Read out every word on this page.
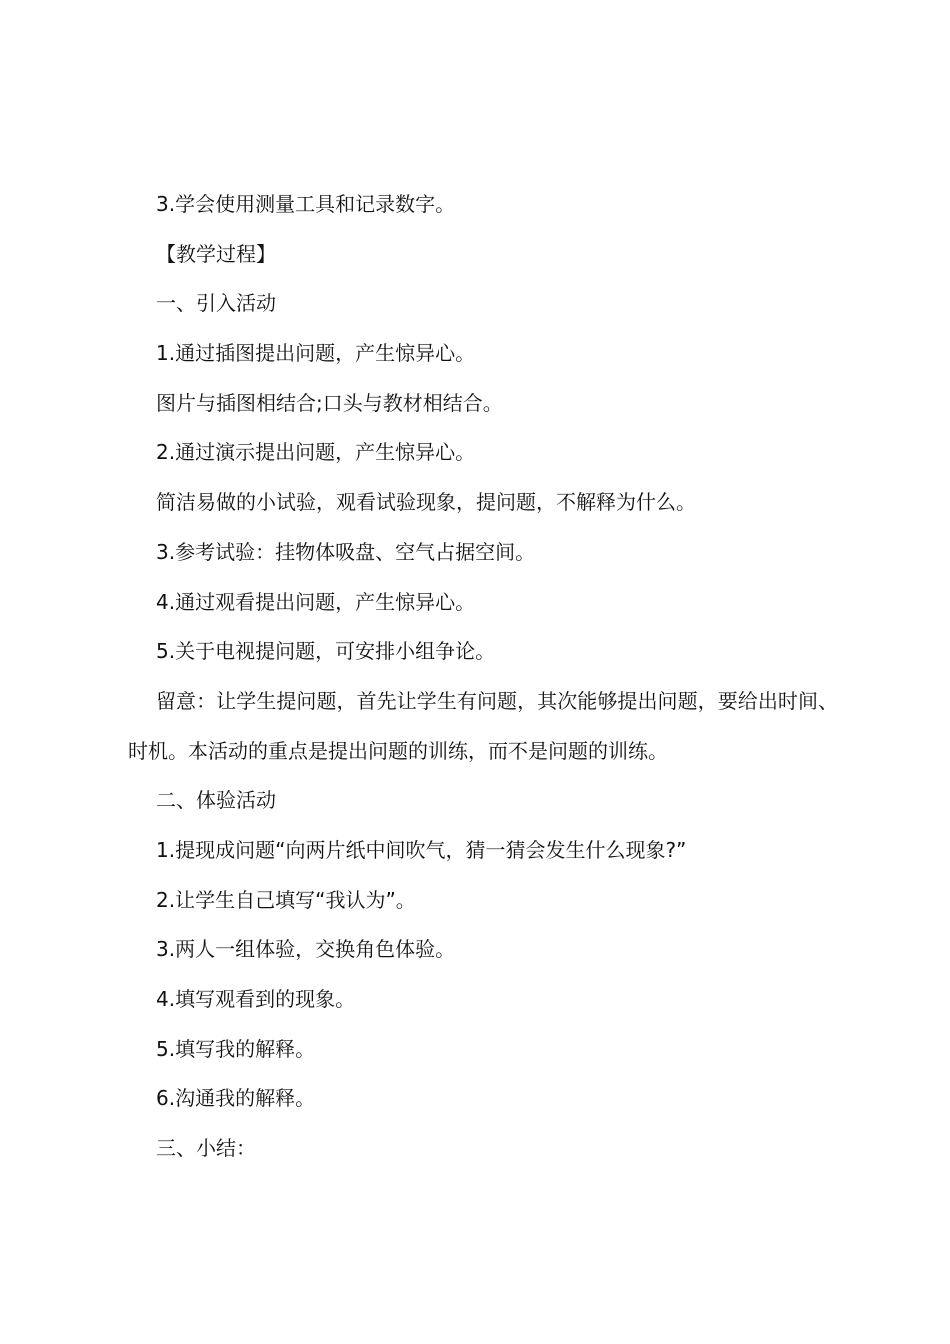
3.学会使用测量工具和记录数字。
【教学过程】
一、引入活动
1.通过插图提出问题，产生惊异心。
图片与插图相结合;口头与教材相结合。
2.通过演示提出问题，产生惊异心。
简洁易做的小试验，观看试验现象，提问题，不解释为什么。
3.参考试验：挂物体吸盘、空气占据空间。
4.通过观看提出问题，产生惊异心。
5.关于电视提问题，可安排小组争论。
留意：让学生提问题，首先让学生有问题，其次能够提出问题，要给出时间、时机。本活动的重点是提出问题的训练，而不是问题的训练。
二、体验活动
1.提现成问题“向两片纸中间吹气，猜一猜会发生什么现象?”
2.让学生自己填写“我认为”。
3.两人一组体验，交换角色体验。
4.填写观看到的现象。
5.填写我的解释。
6.沟通我的解释。
三、小结：
